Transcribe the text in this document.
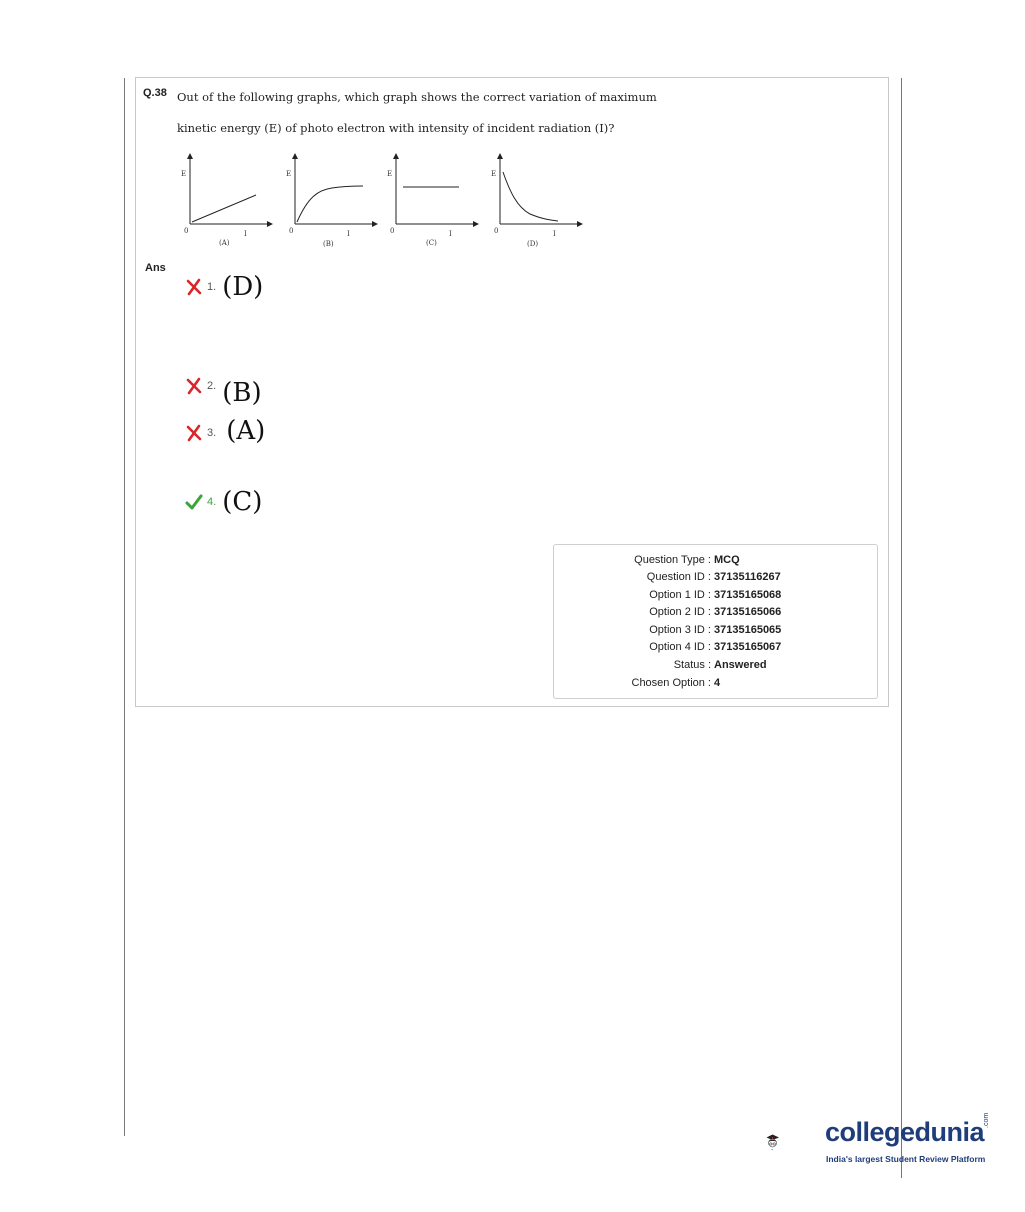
Q.38 Out of the following graphs, which graph shows the correct variation of maximum
kinetic energy (E) of photo electron with intensity of incident radiation (I)?
E
0	I
(A)
E
0	I
(B)
E
0	I
(C)
E
0	I
(D)
Ans
1. (D)
2. (B)
3. (A)
4. (C)
Question Type : MCQ
Question ID : 37135116267
Option 1 ID : 37135165068
Option 2 ID : 37135165066
Option 3 ID : 37135165065
Option 4 ID : 37135165067
Status : Answered
Chosen Option : 4
collegedunia
.com
India's largest Student Review Platform
